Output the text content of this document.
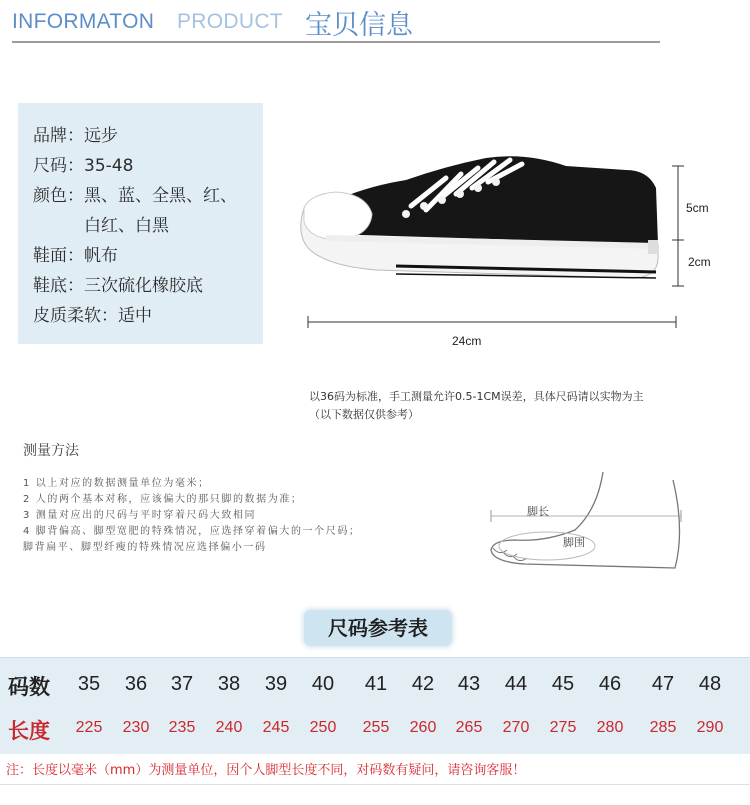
INFORMATON PRODUCT 宝贝信息
品牌：远步
尺码：35-48
颜色：黑、蓝、全黑、红、
　　　白红、白黑
鞋面：帆布
鞋底：三次硫化橡胶底
皮质柔软：适中
5cm
2cm
24cm
以36码为标准，手工测量允许0.5-1CM误差，具体尺码请以实物为主
（以下数据仅供参考）
测量方法
1 以上对应的数据测量单位为毫米；
2 人的两个基本对称，应该偏大的那只脚的数据为准；
3 测量对应出的尺码与平时穿着尺码大致相同
4 脚背偏高、脚型宽肥的特殊情况，应选择穿着偏大的一个尺码；
脚背扁平、脚型纤瘦的特殊情况应选择偏小一码
脚长
脚围
尺码参考表
码数
长度
35
225
36
230
37
235
38
240
39
245
40
250
41
255
42
260
43
265
44
270
45
275
46
280
47
285
48
290
注：长度以毫米（mm）为测量单位，因个人脚型长度不同，对码数有疑问，请咨询客服！
